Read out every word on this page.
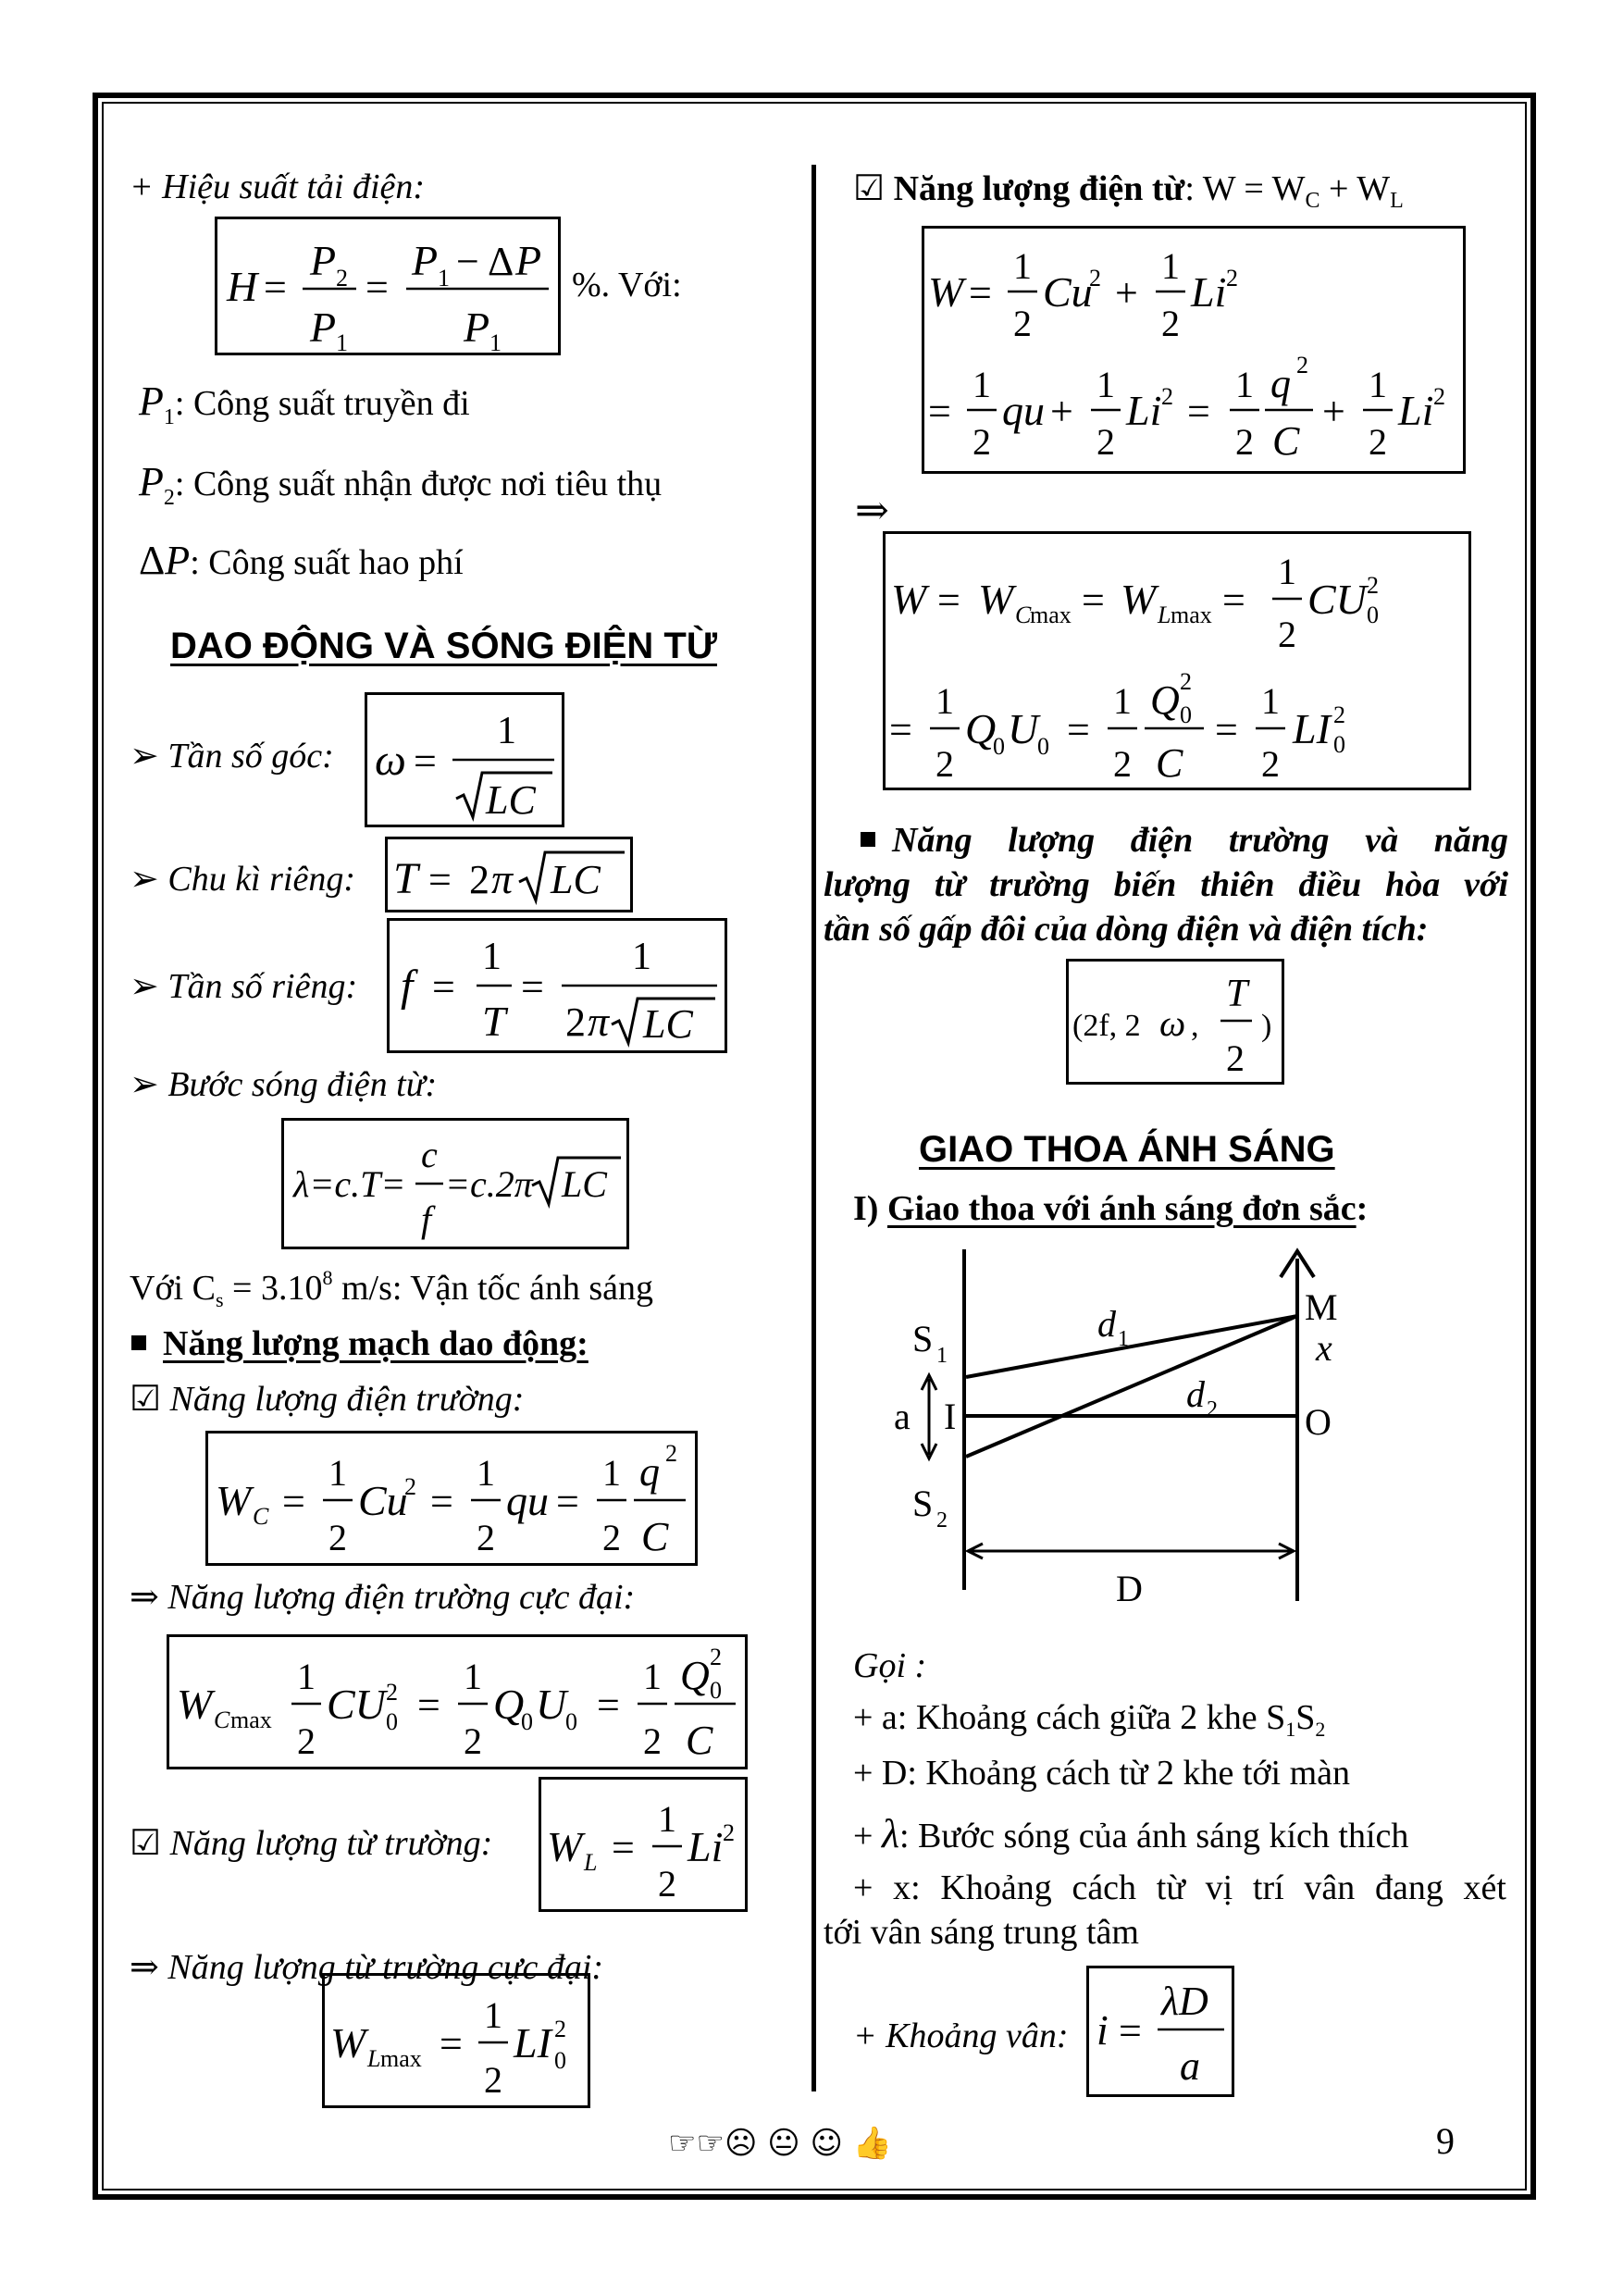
+ Hiệu suất tải điện:
H =
P 2
P 1
=
P 1 − Δ P
P 1
%. Với:
$P_1$: Công suất truyền đi
$P_2$: Công suất nhận được nơi tiêu thụ
ΔP: Công suất hao phí
DAO ĐỘNG VÀ SÓNG ĐIỆN TỪ
➢ Tần số góc: ω =
1
LC
➢ Chu kì riêng: T = 2 π LC
➢ Tần số riêng: f =
1
T
=
1
2 π LC
➢ Bước sóng điện từ:
λ=c.T=
c
f
=c.2π LC
Với $C_s = 3.10^8$ m/s: Vận tốc ánh sáng
Năng lượng mạch dao động:
☑ Năng lượng điện trường:
W C =
1
2
Cu
2 =
1
2
qu =
1
2
q 2
C
⇒ Năng lượng điện trường cực đại:
W C max
1
2
CU 2
0 =
1
2
Q
0 U
0 =
1
2
Q 2
0
C
☑ Năng lượng từ trường: W L =
1
2
Li 2
⇒ Năng lượng từ trường cực đại:
W L max =
1
2
LI 2
0
☑ Năng lượng điện từ: $W = W_C + W_L$
W =
1
2
Cu
2 +
1
2
Li 2
=
1
2
qu +
1
2
Li 2 =
1
2
q 2
C
+
1
2
Li 2
⇒
W = W C
max = W L max =
1
2
CU 2
0
=
1
2
Q
0 U
0 =
1
2
Q 2
0
C
=
1
2
LI 2
0
Năng lượng điện trường và năng
lượng từ trường biến thiên điều hòa với
tần số gấp đôi của dòng điện và điện tích:
(2f, 2 ω ,
T
2
)
GIAO THOA ÁNH SÁNG
I) Giao thoa với ánh sáng đơn sắc:
S 1
S 2
a I
M
x
O
d 1
d 2
D
Gọi :
+ a: Khoảng cách giữa 2 khe $S_1S_2$
+ D: Khoảng cách từ 2 khe tới màn
+ λ: Bước sóng của ánh sáng kích thích
+ x: Khoảng cách từ vị trí vân đang xét
tới vân sáng trung tâm
+ Khoảng vân: i =
λD
a
☞☞☹ 😐 ☺ 👍	9
